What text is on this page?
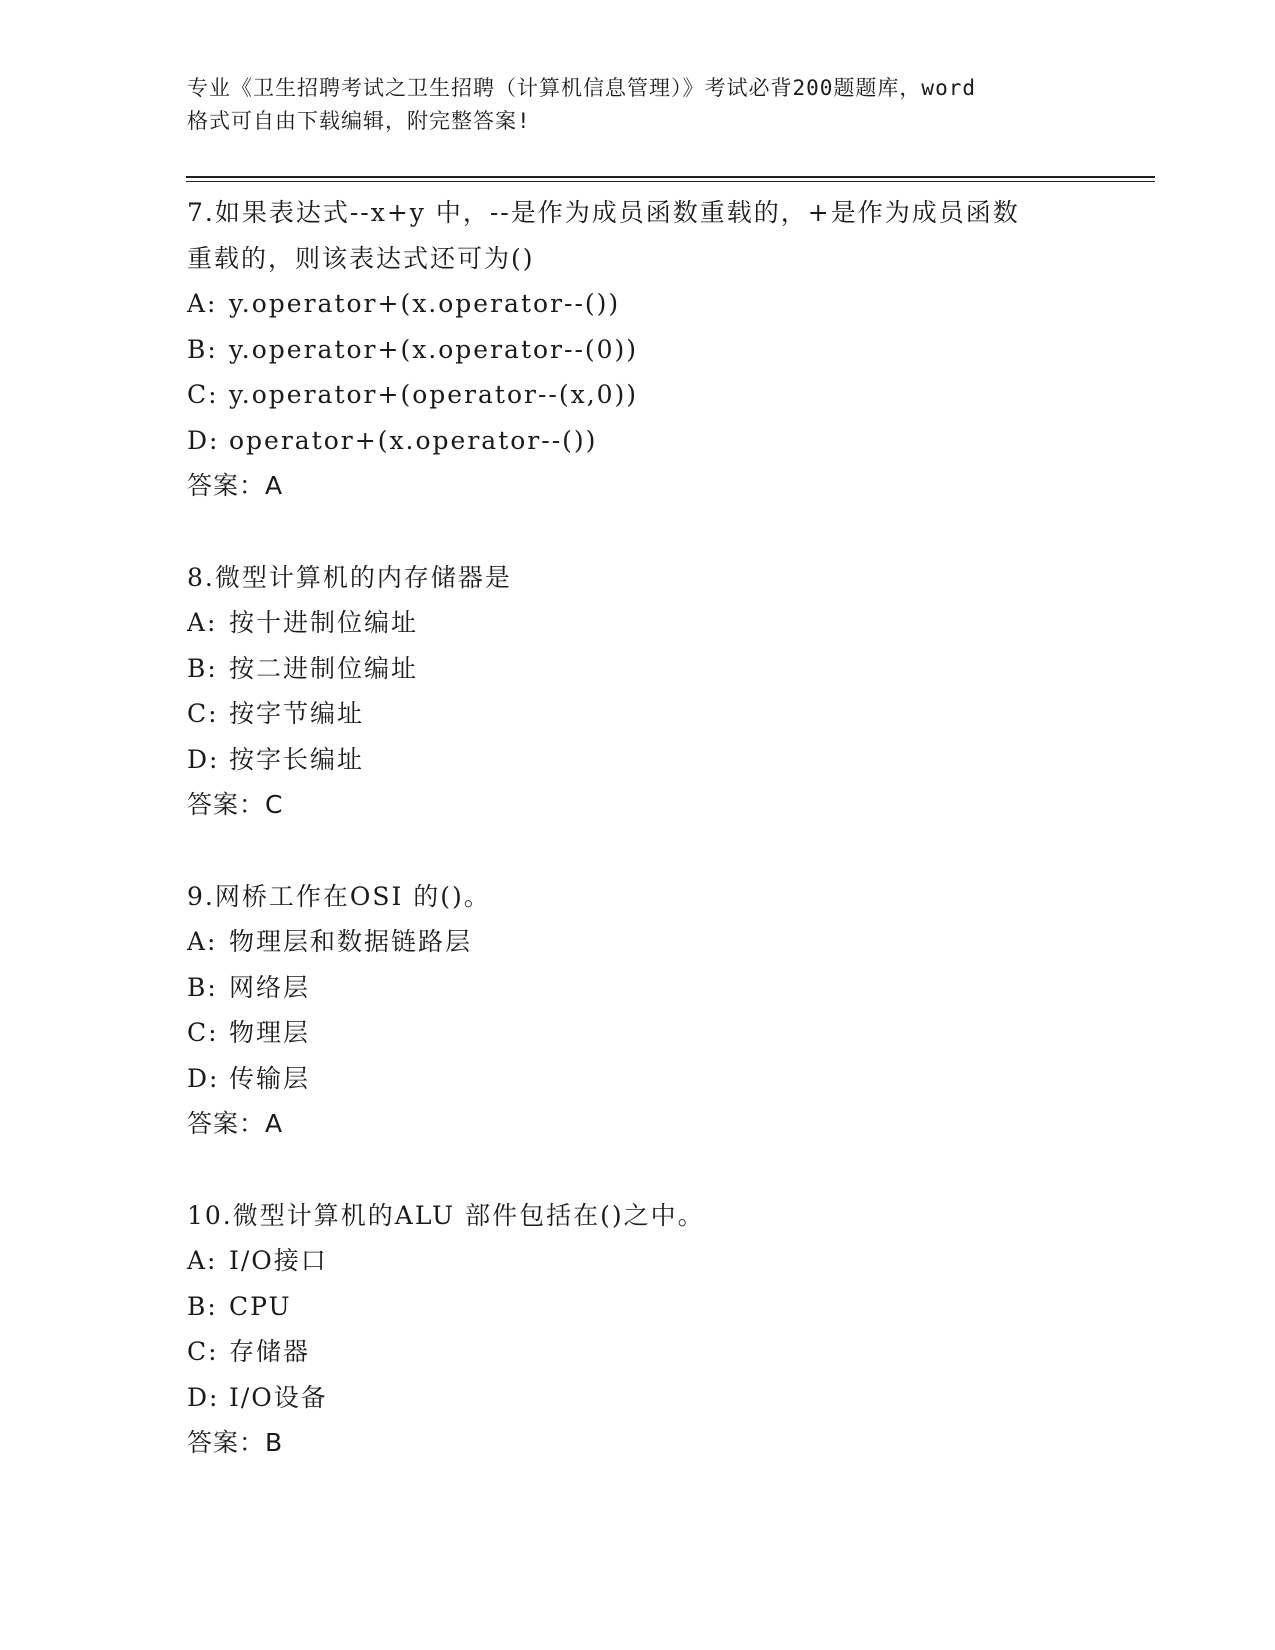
专业《卫生招聘考试之卫生招聘（计算机信息管理）》考试必背200题题库，word
格式可自由下载编辑，附完整答案!
7.如果表达式--x+y 中，--是作为成员函数重载的，+是作为成员函数
重载的，则该表达式还可为()
A: y.operator+(x.operator--())
B: y.operator+(x.operator--(0))
C: y.operator+(operator--(x,0))
D: operator+(x.operator--())
答案：A
8.微型计算机的内存储器是
A: 按十进制位编址
B: 按二进制位编址
C: 按字节编址
D: 按字长编址
答案：C
9.网桥工作在OSI 的()。
A: 物理层和数据链路层
B: 网络层
C: 物理层
D: 传输层
答案：A
10.微型计算机的ALU 部件包括在()之中。
A: I/O接口
B: CPU
C: 存储器
D: I/O设备
答案：B
